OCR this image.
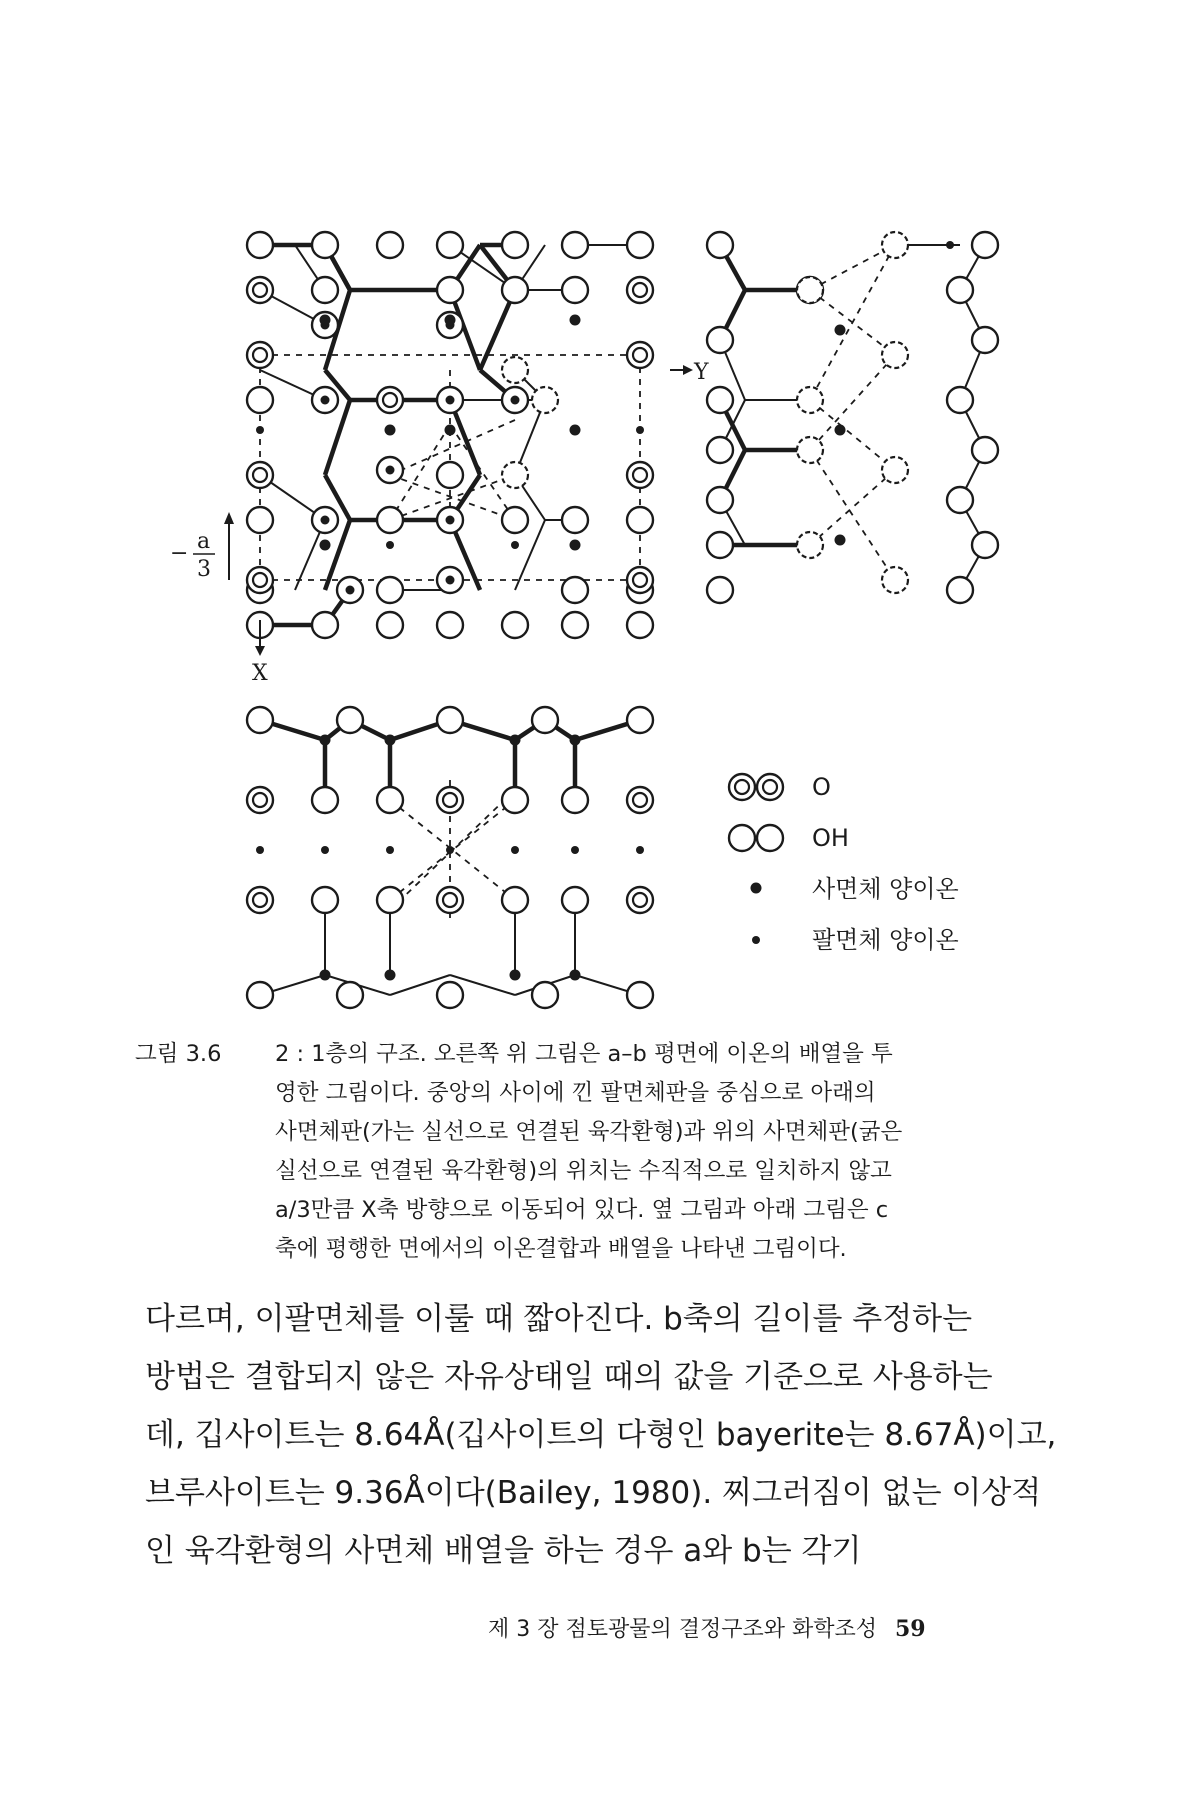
Y
X
− a
3
O
OH
사면체 양이온
팔면체 양이온
그림 3.6	2 : 1층의 구조. 오른쪽 위 그림은 a–b 평면에 이온의 배열을 투
영한 그림이다. 중앙의 사이에 낀 팔면체판을 중심으로 아래의
사면체판(가는 실선으로 연결된 육각환형)과 위의 사면체판(굵은
실선으로 연결된 육각환형)의 위치는 수직적으로 일치하지 않고
a/3만큼 X축 방향으로 이동되어 있다. 옆 그림과 아래 그림은 c
축에 평행한 면에서의 이온결합과 배열을 나타낸 그림이다.
다르며, 이팔면체를 이룰 때 짧아진다. b축의 길이를 추정하는
방법은 결합되지 않은 자유상태일 때의 값을 기준으로 사용하는
데, 깁사이트는 8.64Å(깁사이트의 다형인 bayerite는 8.67Å)이고,
브루사이트는 9.36Å이다(Bailey, 1980). 찌그러짐이 없는 이상적
인 육각환형의 사면체 배열을 하는 경우 a와 b는 각기
제 3 장 점토광물의 결정구조와 화학조성 59
